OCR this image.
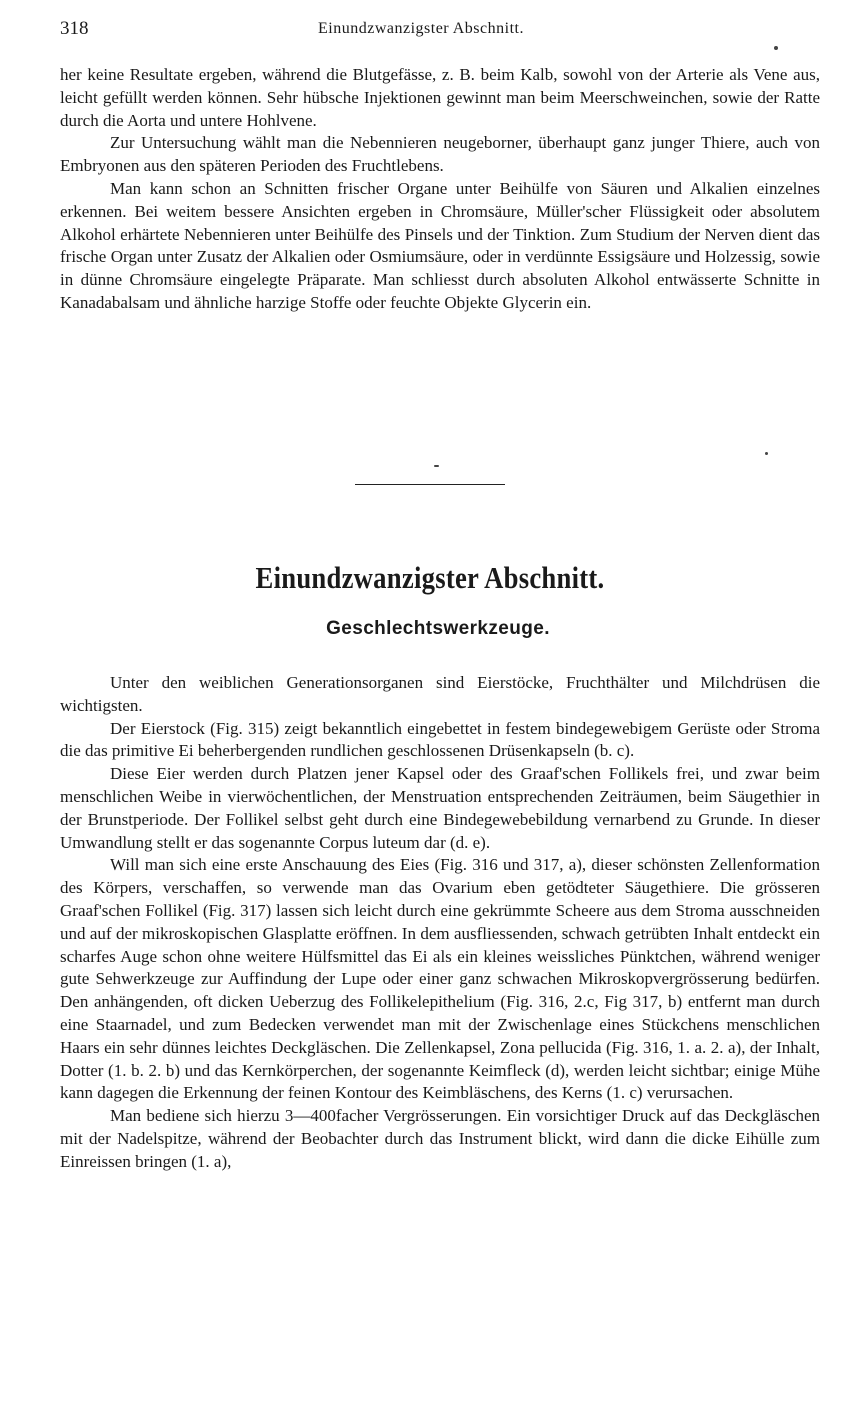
318	Einundzwanzigster Abschnitt.

her keine Resultate ergeben, während die Blutgefässe, z. B. beim Kalb, sowohl von der Arterie als Vene aus, leicht gefüllt werden können. Sehr hübsche Injektionen gewinnt man beim Meerschweinchen, sowie der Ratte durch die Aorta und untere Hohlvene.

Zur Untersuchung wählt man die Nebennieren neugeborner, überhaupt ganz junger Thiere, auch von Embryonen aus den späteren Perioden des Fruchtlebens.

Man kann schon an Schnitten frischer Organe unter Beihülfe von Säuren und Alkalien einzelnes erkennen. Bei weitem bessere Ansichten ergeben in Chromsäure, Müller'scher Flüssigkeit oder absolutem Alkohol erhärtete Nebennieren unter Beihülfe des Pinsels und der Tinktion. Zum Studium der Nerven dient das frische Organ unter Zusatz der Alkalien oder Osmiumsäure, oder in verdünnte Essigsäure und Holzessig, sowie in dünne Chromsäure eingelegte Präparate. Man schliesst durch absoluten Alkohol entwässerte Schnitte in Kanadabalsam und ähnliche harzige Stoffe oder feuchte Objekte Glycerin ein.

Einundzwanzigster Abschnitt.
Geschlechtswerkzeuge.

Unter den weiblichen Generationsorganen sind Eierstöcke, Fruchthälter und Milchdrüsen die wichtigsten.

Der Eierstock (Fig. 315) zeigt bekanntlich eingebettet in festem bindegewebigem Gerüste oder Stroma die das primitive Ei beherbergenden rundlichen geschlossenen Drüsenkapseln (b. c).

Diese Eier werden durch Platzen jener Kapsel oder des Graaf'schen Follikels frei, und zwar beim menschlichen Weibe in vierwöchentlichen, der Menstruation entsprechenden Zeiträumen, beim Säugethier in der Brunstperiode. Der Follikel selbst geht durch eine Bindegewebebildung vernarbend zu Grunde. In dieser Umwandlung stellt er das sogenannte Corpus luteum dar (d. e).

Will man sich eine erste Anschauung des Eies (Fig. 316 und 317, a), dieser schönsten Zellenformation des Körpers, verschaffen, so verwende man das Ovarium eben getödteter Säugethiere. Die grösseren Graaf'schen Follikel (Fig. 317) lassen sich leicht durch eine gekrümmte Scheere aus dem Stroma ausschneiden und auf der mikroskopischen Glasplatte eröffnen. In dem ausfliessenden, schwach getrübten Inhalt entdeckt ein scharfes Auge schon ohne weitere Hülfsmittel das Ei als ein kleines weissliches Pünktchen, während weniger gute Sehwerkzeuge zur Auffindung der Lupe oder einer ganz schwachen Mikroskopvergrösserung bedürfen. Den anhängenden, oft dicken Ueberzug des Follikelepithelium (Fig. 316, 2.c, Fig 317, b) entfernt man durch eine Staarnadel, und zum Bedecken verwendet man mit der Zwischenlage eines Stückchens menschlichen Haars ein sehr dünnes leichtes Deckgläschen. Die Zellenkapsel, Zona pellucida (Fig. 316, 1. a. 2. a), der Inhalt, Dotter (1. b. 2. b) und das Kernkörperchen, der sogenannte Keimfleck (d), werden leicht sichtbar; einige Mühe kann dagegen die Erkennung der feinen Kontour des Keimbläschens, des Kerns (1. c) verursachen.

Man bediene sich hierzu 3—400facher Vergrösserungen. Ein vorsichtiger Druck auf das Deckgläschen mit der Nadelspitze, während der Beobachter durch das Instrument blickt, wird dann die dicke Eihülle zum Einreissen bringen (1. a),
